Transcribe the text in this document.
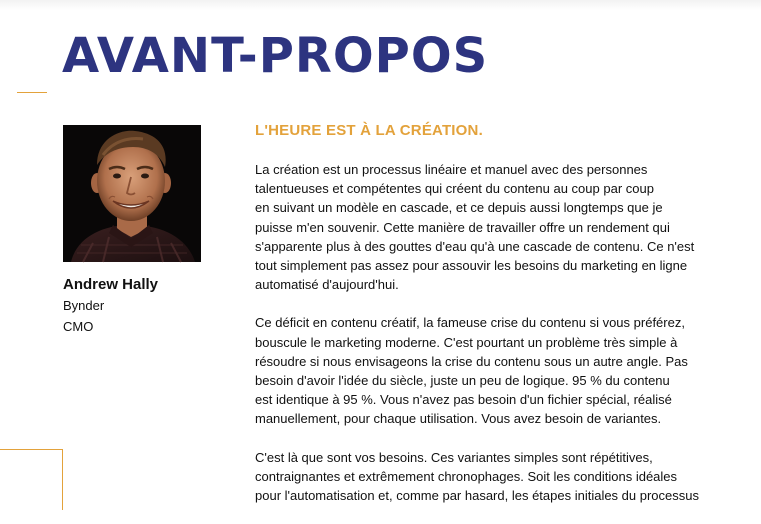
AVANT-PROPOS
Andrew Hally
Bynder
CMO
L'HEURE EST À LA CRÉATION.

La création est un processus linéaire et manuel avec des personnes
talentueuses et compétentes qui créent du contenu au coup par coup
en suivant un modèle en cascade, et ce depuis aussi longtemps que je
puisse m'en souvenir. Cette manière de travailler offre un rendement qui
s'apparente plus à des gouttes d'eau qu'à une cascade de contenu. Ce n'est
tout simplement pas assez pour assouvir les besoins du marketing en ligne
automatisé d'aujourd'hui.

Ce déficit en contenu créatif, la fameuse crise du contenu si vous préférez,
bouscule le marketing moderne. C'est pourtant un problème très simple à
résoudre si nous envisageons la crise du contenu sous un autre angle. Pas
besoin d'avoir l'idée du siècle, juste un peu de logique. 95 % du contenu
est identique à 95 %. Vous n'avez pas besoin d'un fichier spécial, réalisé
manuellement, pour chaque utilisation. Vous avez besoin de variantes.

C'est là que sont vos besoins. Ces variantes simples sont répétitives,
contraignantes et extrêmement chronophages. Soit les conditions idéales
pour l'automatisation et, comme par hasard, les étapes initiales du processus
